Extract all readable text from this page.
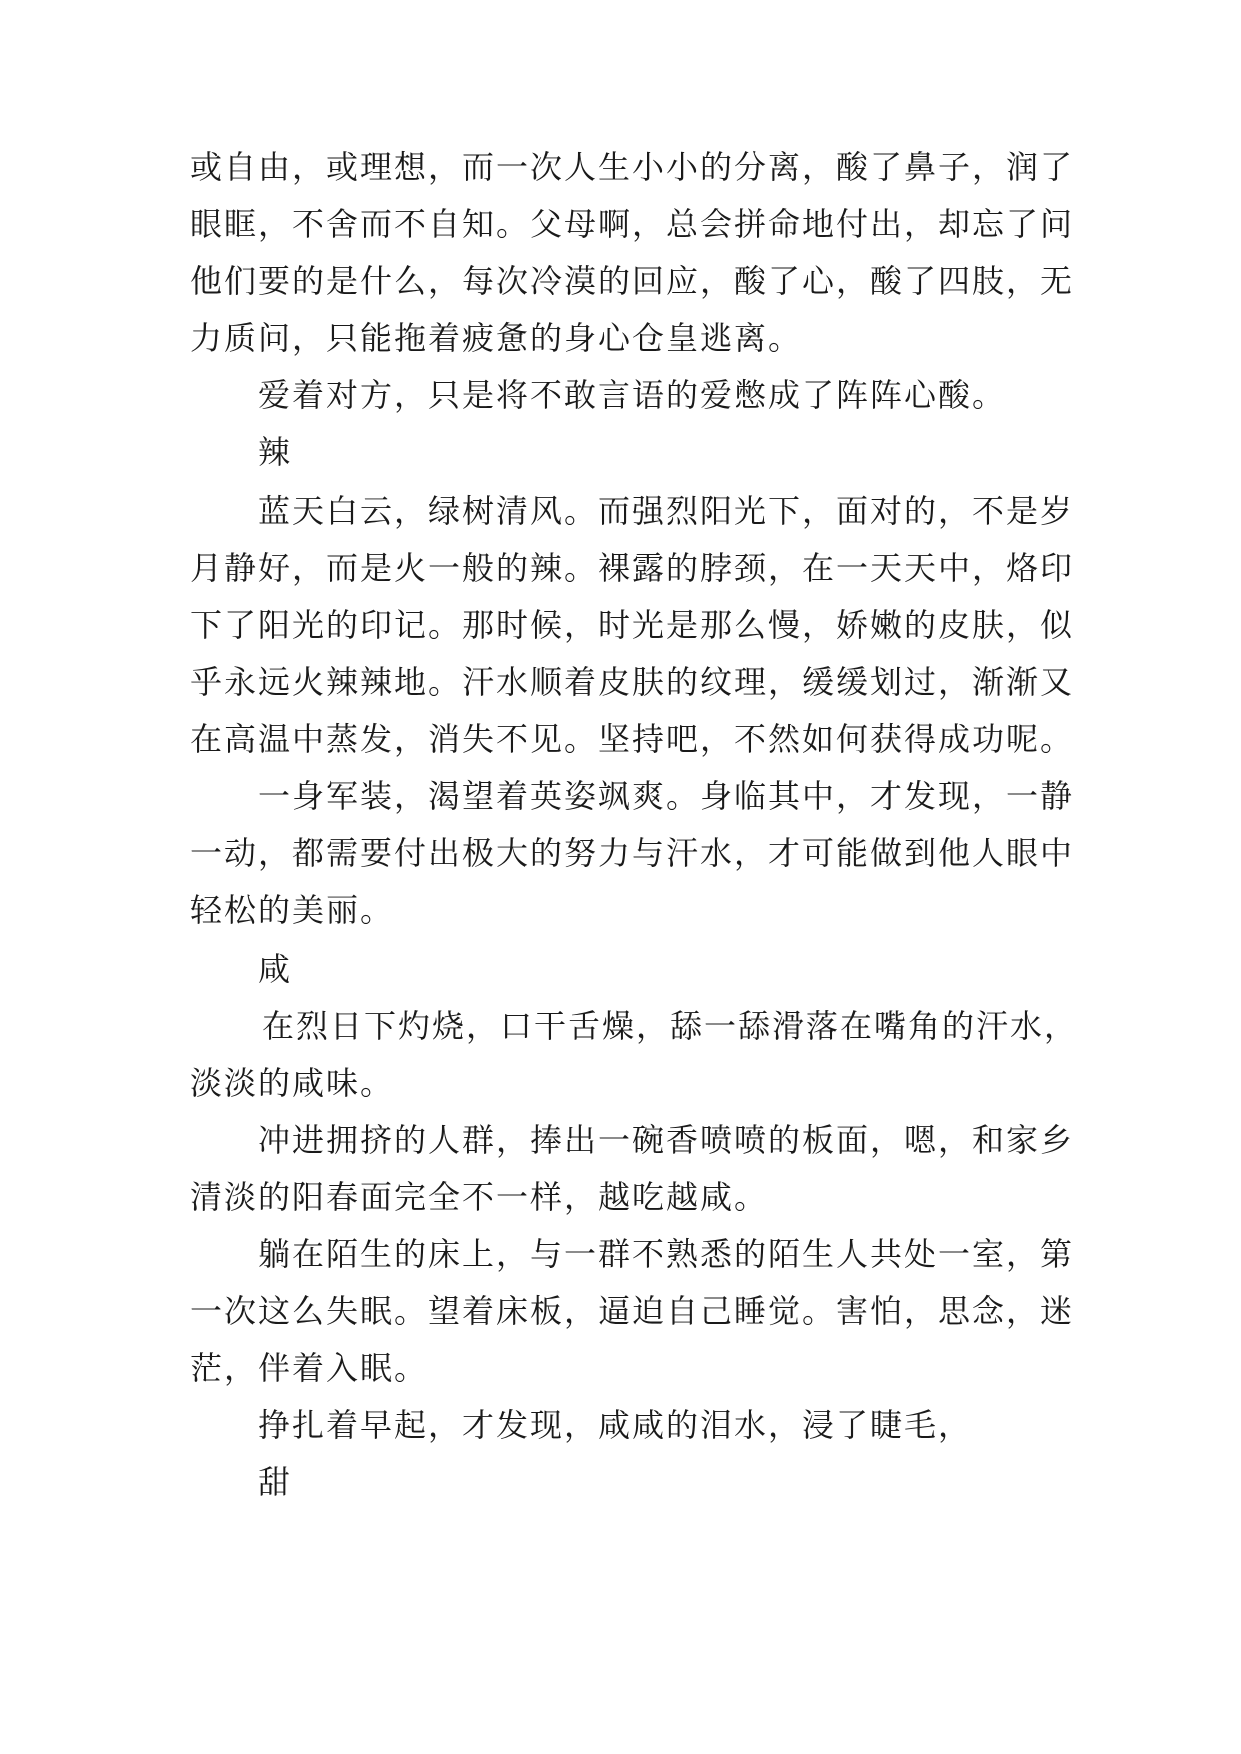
或自由，或理想，而一次人生小小的分离，酸了鼻子，润了
眼眶，不舍而不自知。父母啊，总会拼命地付出，却忘了问
他们要的是什么，每次冷漠的回应，酸了心，酸了四肢，无
力质问，只能拖着疲惫的身心仓皇逃离。
爱着对方，只是将不敢言语的爱憋成了阵阵心酸。
辣
蓝天白云，绿树清风。而强烈阳光下，面对的，不是岁
月静好，而是火一般的辣。裸露的脖颈，在一天天中，烙印
下了阳光的印记。那时候，时光是那么慢，娇嫩的皮肤，似
乎永远火辣辣地。汗水顺着皮肤的纹理，缓缓划过，渐渐又
在高温中蒸发，消失不见。坚持吧，不然如何获得成功呢。
一身军装，渴望着英姿飒爽。身临其中，才发现，一静
一动，都需要付出极大的努力与汗水，才可能做到他人眼中
轻松的美丽。
咸
在烈日下灼烧，口干舌燥，舔一舔滑落在嘴角的汗水，
淡淡的咸味。
冲进拥挤的人群，捧出一碗香喷喷的板面，嗯，和家乡
清淡的阳春面完全不一样，越吃越咸。
躺在陌生的床上，与一群不熟悉的陌生人共处一室，第
一次这么失眠。望着床板，逼迫自己睡觉。害怕，思念，迷
茫，伴着入眠。
挣扎着早起，才发现，咸咸的泪水，浸了睫毛，
甜
